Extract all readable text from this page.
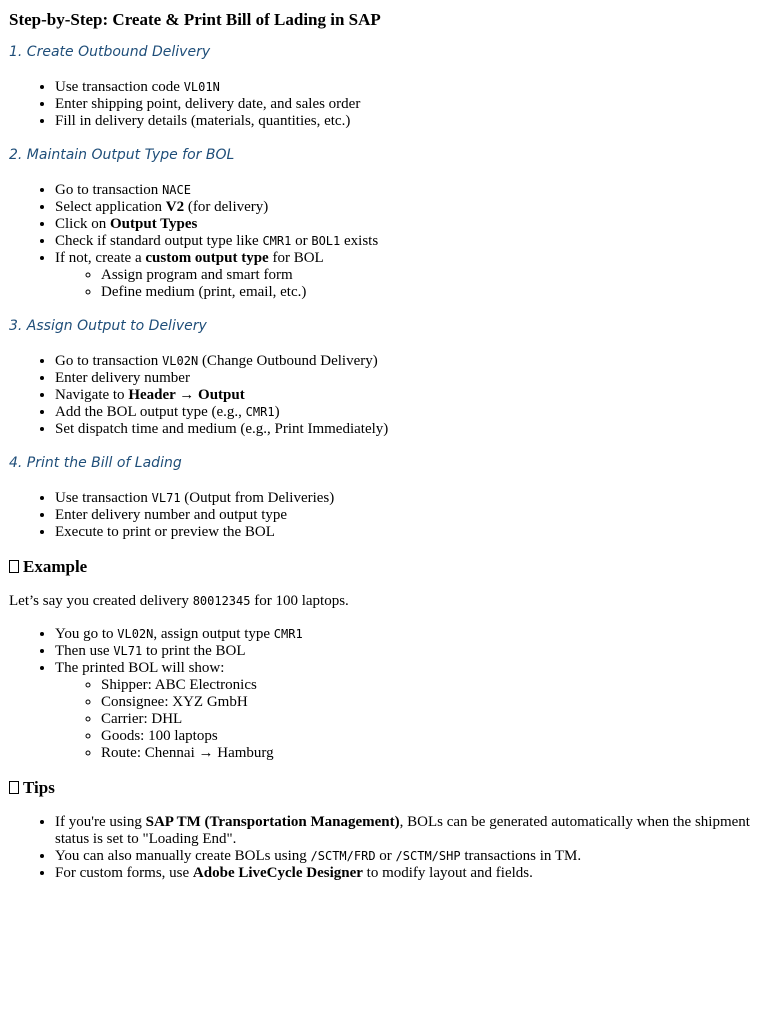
Step-by-Step: Create & Print Bill of Lading in SAP
1. Create Outbound Delivery
• Use transaction code VL01N
• Enter shipping point, delivery date, and sales order
• Fill in delivery details (materials, quantities, etc.)
2. Maintain Output Type for BOL
• Go to transaction NACE
• Select application V2 (for delivery)
• Click on Output Types
• Check if standard output type like CMR1 or BOL1 exists
• If not, create a custom output type for BOL
◦ Assign program and smart form
◦ Define medium (print, email, etc.)
3. Assign Output to Delivery
• Go to transaction VL02N (Change Outbound Delivery)
• Enter delivery number
• Navigate to Header → Output
• Add the BOL output type (e.g., CMR1)
• Set dispatch time and medium (e.g., Print Immediately)
4. Print the Bill of Lading
• Use transaction VL71 (Output from Deliveries)
• Enter delivery number and output type
• Execute to print or preview the BOL
Example

Let’s say you created delivery 80012345 for 100 laptops.

• You go to VL02N, assign output type CMR1
• Then use VL71 to print the BOL
• The printed BOL will show:
◦ Shipper: ABC Electronics
◦ Consignee: XYZ GmbH
◦ Carrier: DHL
◦ Goods: 100 laptops
◦ Route: Chennai → Hamburg
Tips
• If you're using SAP TM (Transportation Management), BOLs can be generated automatically when the shipment status is set to "Loading End".
• You can also manually create BOLs using /SCTM/FRD or /SCTM/SHP transactions in TM.
• For custom forms, use Adobe LiveCycle Designer to modify layout and fields.
